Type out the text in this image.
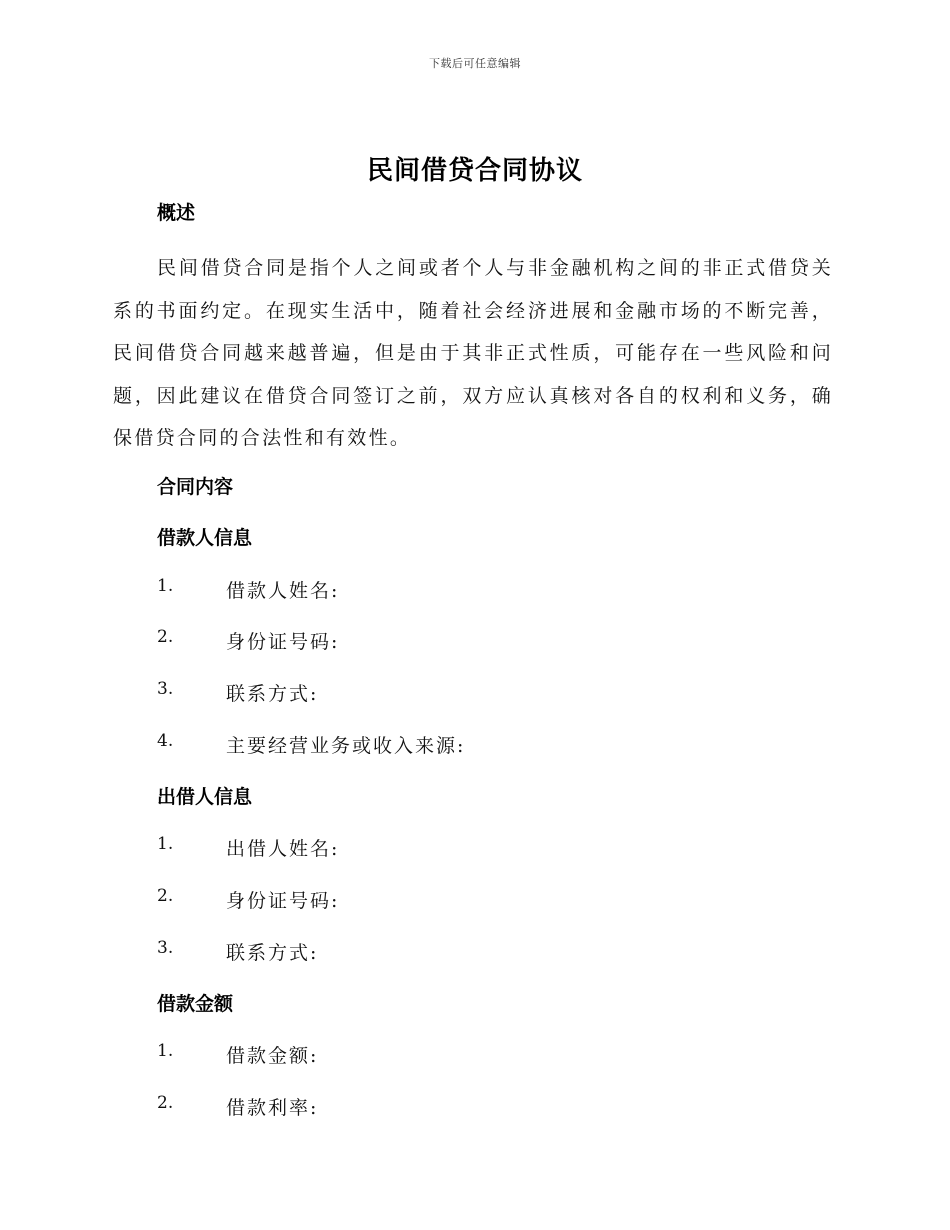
下载后可任意编辑
民间借贷合同协议
概述

民间借贷合同是指个人之间或者个人与非金融机构之间的非正式借贷关系的书面约定。在现实生活中，随着社会经济进展和金融市场的不断完善，民间借贷合同越来越普遍，但是由于其非正式性质，可能存在一些风险和问题，因此建议在借贷合同签订之前，双方应认真核对各自的权利和义务，确保借贷合同的合法性和有效性。

合同内容
借款人信息
1.	借款人姓名:
2.	身份证号码:
3.	联系方式:
4.	主要经营业务或收入来源:
出借人信息
1.	出借人姓名:
2.	身份证号码:
3.	联系方式:
借款金额
1.	借款金额:
2.	借款利率:
